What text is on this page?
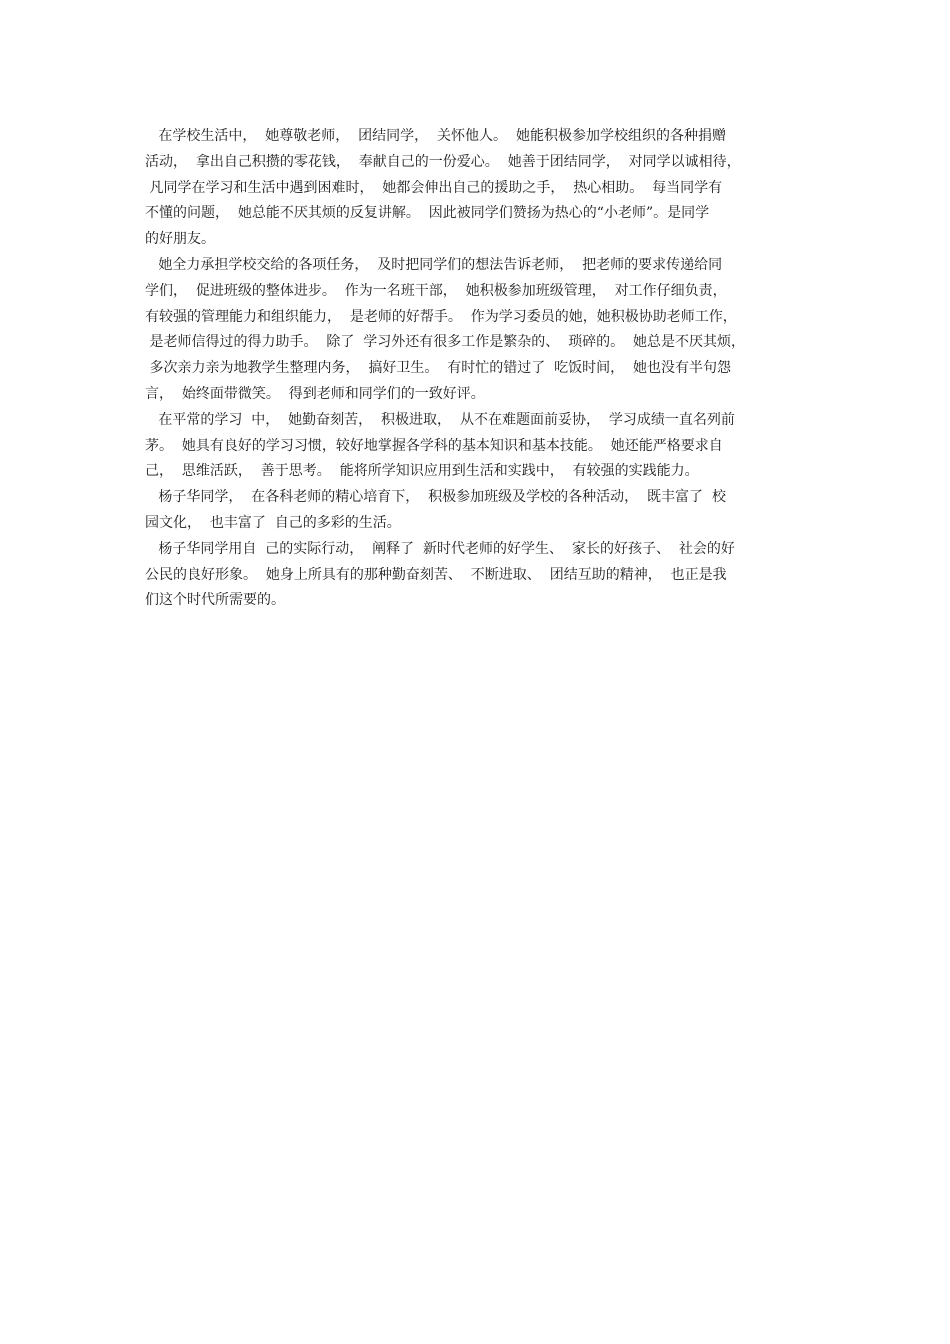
在学校生活中，  她尊敬老师，  团结同学，  关怀他人。  她能积极参加学校组织的各种捐赠
活动，  拿出自己积攒的零花钱，  奉献自己的一份爱心。  她善于团结同学，  对同学以诚相待，
凡同学在学习和生活中遇到困难时，  她都会伸出自己的援助之手，  热心相助。  每当同学有
不懂的问题，  她总能不厌其烦的反复讲解。  因此被同学们赞扬为热心的“小老师”。是同学
的好朋友。
她全力承担学校交给的各项任务，  及时把同学们的想法告诉老师，  把老师的要求传递给同
学们，  促进班级的整体进步。  作为一名班干部，  她积极参加班级管理，  对工作仔细负责，
有较强的管理能力和组织能力，  是老师的好帮手。  作为学习委员的她，她积极协助老师工作，
是老师信得过的得力助手。  除了  学习外还有很多工作是繁杂的、  琐碎的。  她总是不厌其烦，
多次亲力亲为地教学生整理内务，  搞好卫生。  有时忙的错过了  吃饭时间，  她也没有半句怨
言，  始终面带微笑。  得到老师和同学们的一致好评。
在平常的学习  中，  她勤奋刻苦，  积极进取，  从不在难题面前妥协，  学习成绩一直名列前
茅。  她具有良好的学习习惯，较好地掌握各学科的基本知识和基本技能。  她还能严格要求自
己，  思维活跃，  善于思考。  能将所学知识应用到生活和实践中，  有较强的实践能力。
杨子华同学，  在各科老师的精心培育下，  积极参加班级及学校的各种活动，  既丰富了  校
园文化，  也丰富了  自己的多彩的生活。
杨子华同学用自  己的实际行动，  阐释了  新时代老师的好学生、  家长的好孩子、  社会的好
公民的良好形象。  她身上所具有的那种勤奋刻苦、  不断进取、  团结互助的精神，  也正是我
们这个时代所需要的。
